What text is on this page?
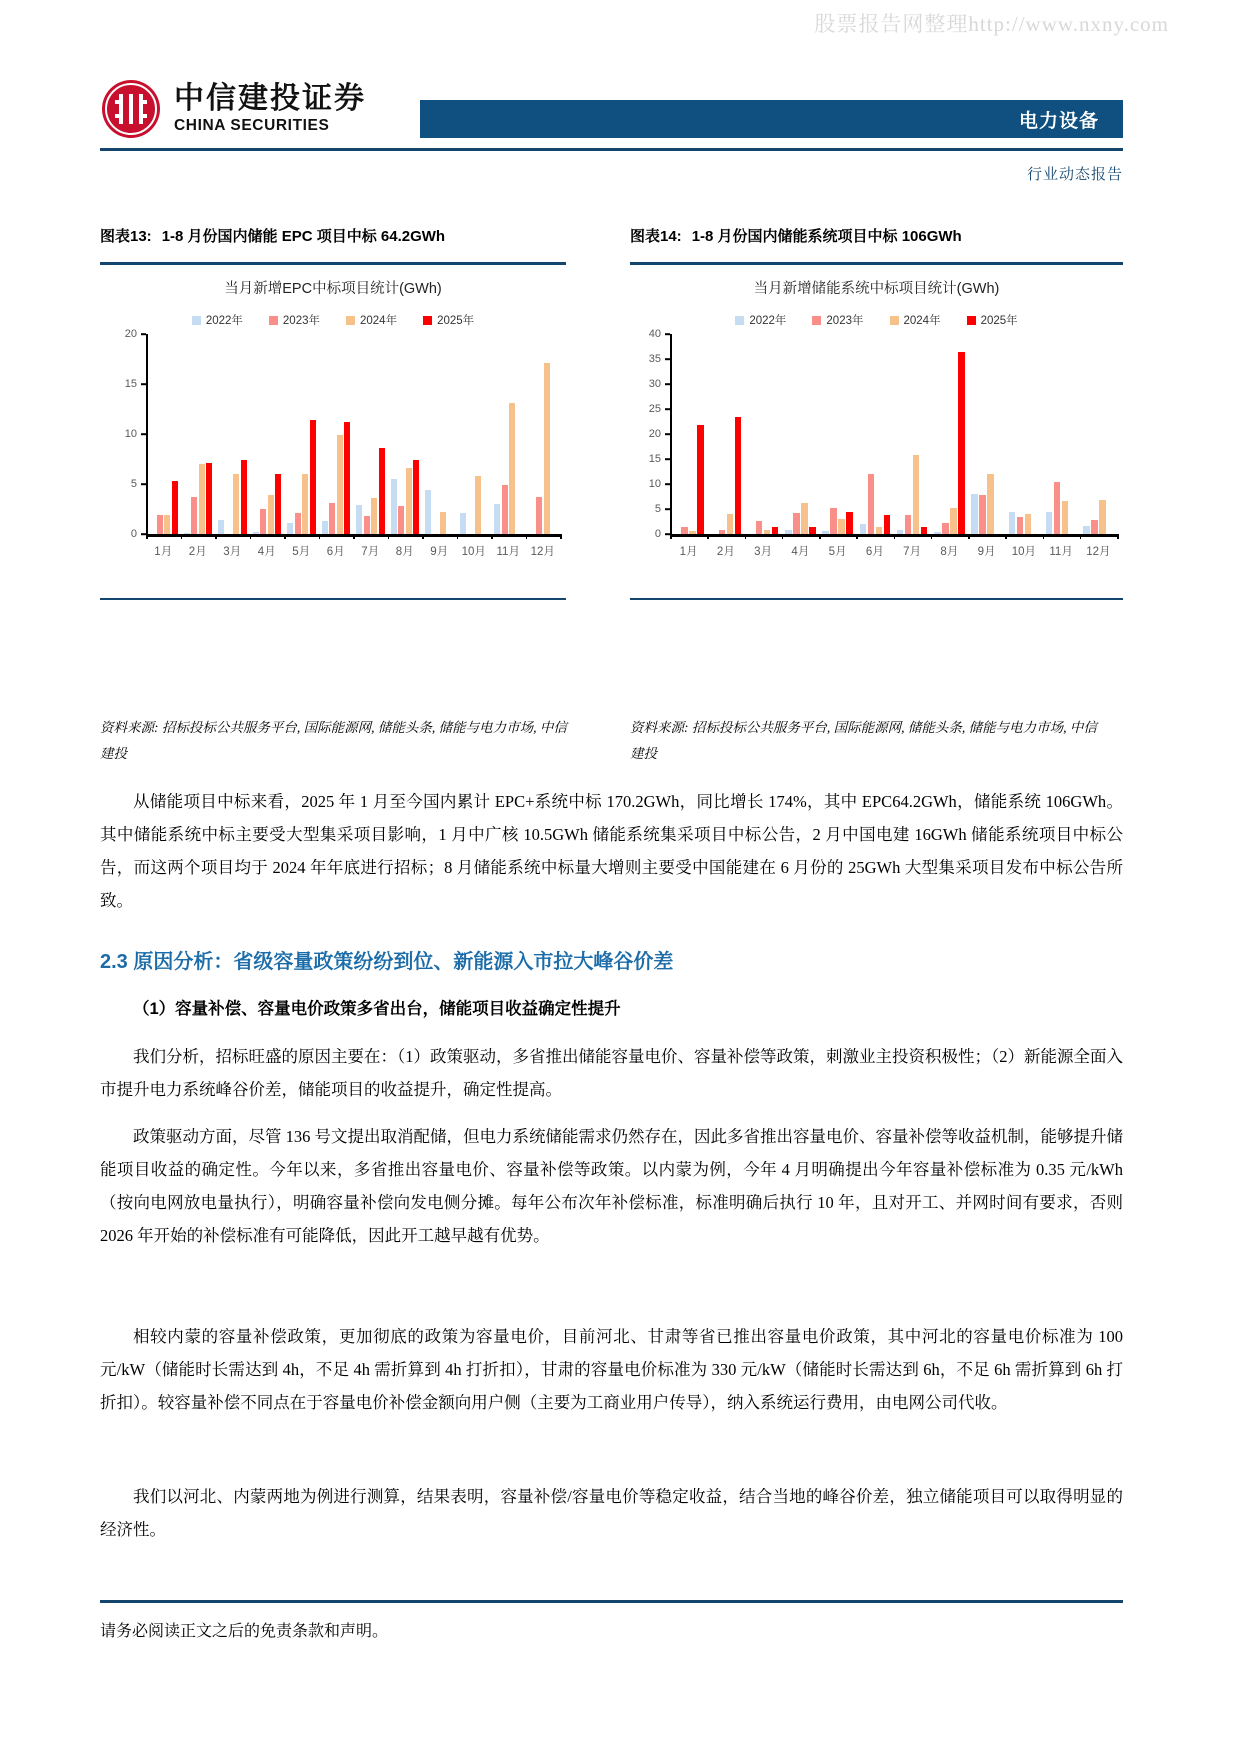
股票报告网整理http://www.nxny.com
中信建投证券
CHINA SECURITIES	电力设备
行业动态报告
图表13: 1-8 月份国内储能 EPC 项目中标 64.2GWh	图表14: 1-8 月份国内储能系统项目中标 106GWh
当月新增EPC中标项目统计(GWh)
2022年	2023年	2024年	2025年
0
5
10
15
20
1月	2月	3月	4月	5月	6月	7月	8月	9月	10月 11月 12月
当月新增储能系统中标项目统计(GWh)
2022年	2023年	2024年	2025年
0
5
10
15
20
25
30
35
40
1月	2月	3月	4月	5月	6月	7月	8月	9月	10月	11月	12月
资料来源: 招标投标公共服务平台, 国际能源网, 储能头条, 储能与电力市场, 中信建投
资料来源: 招标投标公共服务平台, 国际能源网, 储能头条, 储能与电力市场, 中信建投
从储能项目中标来看，2025 年 1 月至今国内累计 EPC+系统中标 170.2GWh，同比增长 174%，其中 EPC64.2GWh，储能系统 106GWh。其中储能系统中标主要受大型集采项目影响，1 月中广核 10.5GWh 储能系统集采项目中标公告，2 月中国电建 16GWh 储能系统项目中标公告，而这两个项目均于 2024 年年底进行招标；8 月储能系统中标量大增则主要受中国能建在 6 月份的 25GWh 大型集采项目发布中标公告所致。
2.3 原因分析：省级容量政策纷纷到位、新能源入市拉大峰谷价差
（1）容量补偿、容量电价政策多省出台，储能项目收益确定性提升
我们分析，招标旺盛的原因主要在：（1）政策驱动，多省推出储能容量电价、容量补偿等政策，刺激业主投资积极性；（2）新能源全面入市提升电力系统峰谷价差，储能项目的收益提升，确定性提高。
政策驱动方面，尽管 136 号文提出取消配储，但电力系统储能需求仍然存在，因此多省推出容量电价、容量补偿等收益机制，能够提升储能项目收益的确定性。今年以来，多省推出容量电价、容量补偿等政策。以内蒙为例，今年 4 月明确提出今年容量补偿标准为 0.35 元/kWh（按向电网放电量执行），明确容量补偿向发电侧分摊。每年公布次年补偿标准，标准明确后执行 10 年，且对开工、并网时间有要求，否则 2026 年开始的补偿标准有可能降低，因此开工越早越有优势。
相较内蒙的容量补偿政策，更加彻底的政策为容量电价，目前河北、甘肃等省已推出容量电价政策，其中河北的容量电价标准为 100 元/kW（储能时长需达到 4h，不足 4h 需折算到 4h 打折扣），甘肃的容量电价标准为 330 元/kW（储能时长需达到 6h，不足 6h 需折算到 6h 打折扣）。较容量补偿不同点在于容量电价补偿金额向用户侧（主要为工商业用户传导），纳入系统运行费用，由电网公司代收。
我们以河北、内蒙两地为例进行测算，结果表明，容量补偿/容量电价等稳定收益，结合当地的峰谷价差，独立储能项目可以取得明显的经济性。
请务必阅读正文之后的免责条款和声明。
